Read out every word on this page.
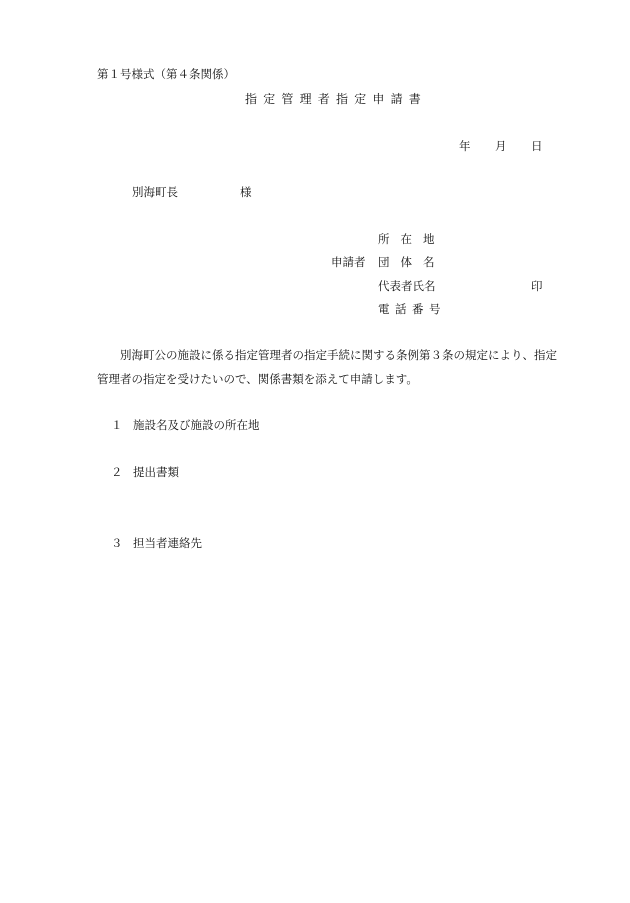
第１号様式（第４条関係）
指定管理者指定申請書
年 月 日
別海町長	様
所在地
申請者 団体名
代表者氏名	印
電話番号
別海町公の施設に係る指定管理者の指定手続に関する条例第３条の規定により、指定
管理者の指定を受けたいので、関係書類を添えて申請します。
１ 施設名及び施設の所在地
２ 提出書類
３ 担当者連絡先
